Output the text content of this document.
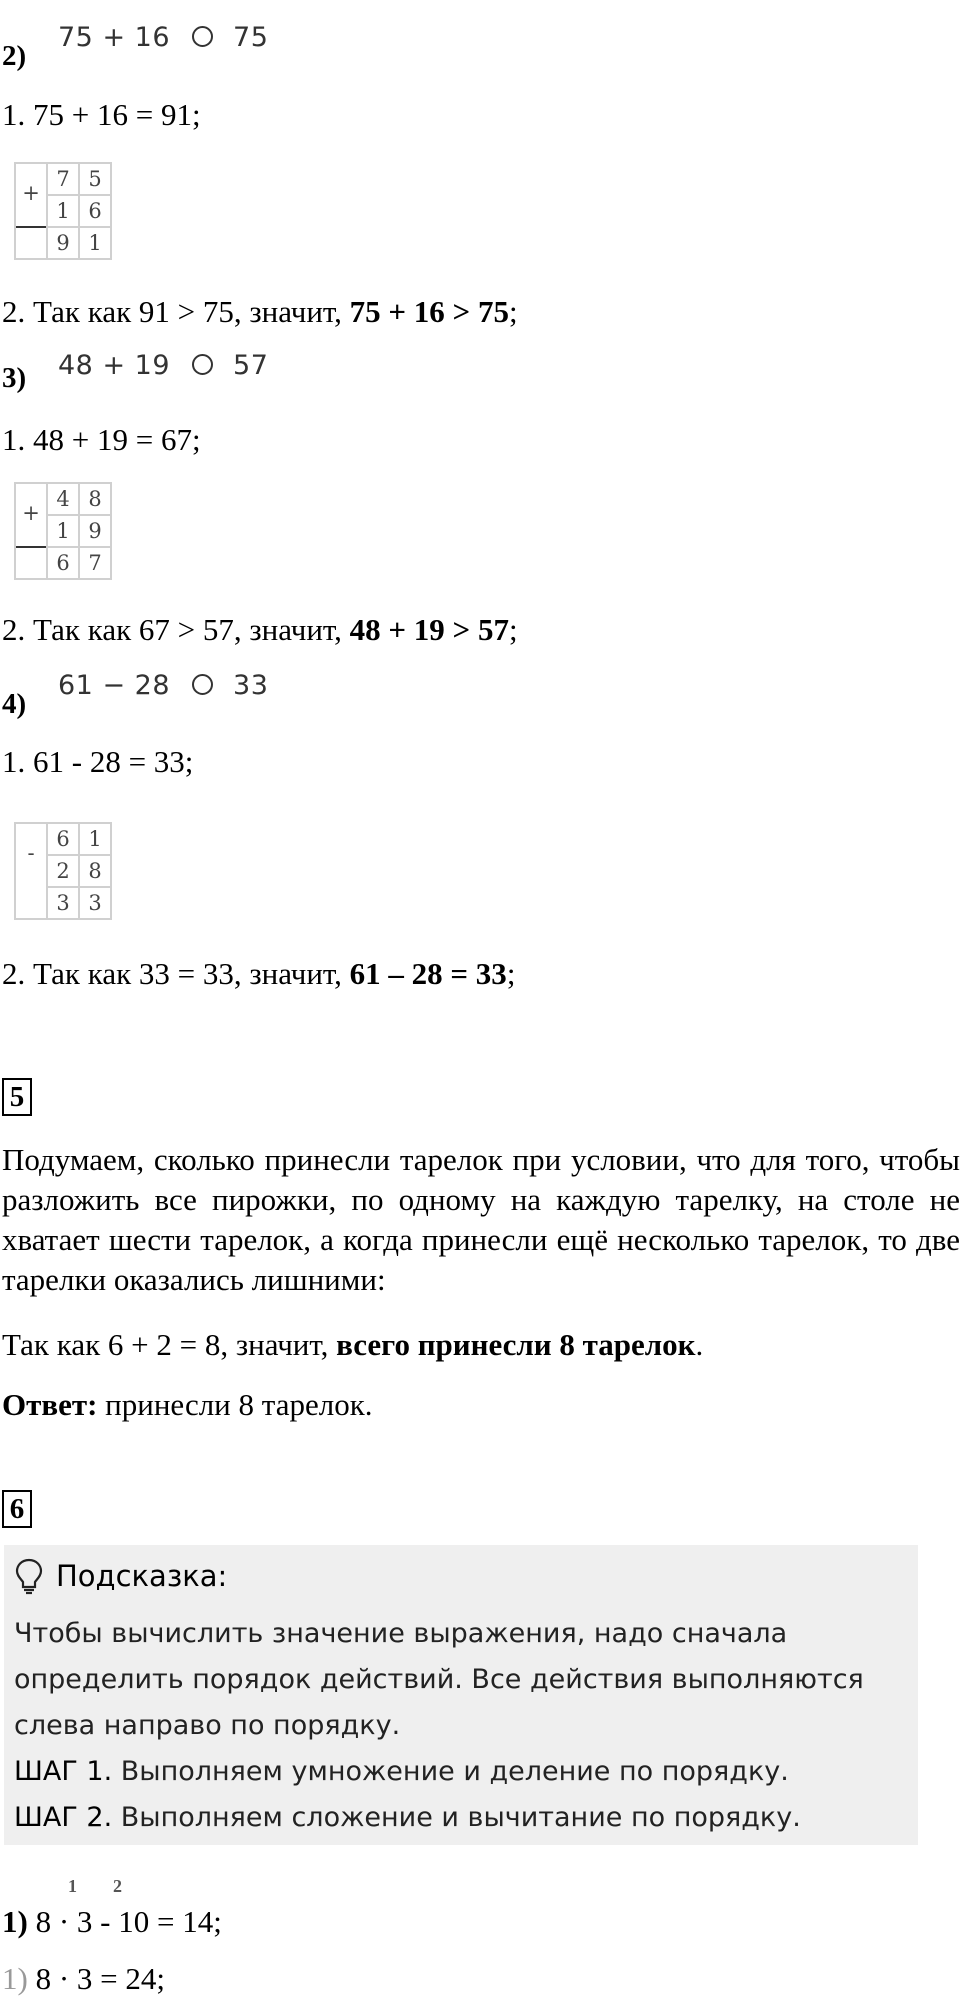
2)
75 + 16 75
1. 75 + 16 = 91;
	7	5
+	1	6
	9	1
2. Так как 91 > 75, значит, 75 + 16 > 75;
3) 48 + 19 57
1. 48 + 19 = 67;
	4	8
+	1	9
	6	7
2. Так как 67 > 57, значит, 48 + 19 > 57;
4)
61 − 28 33
1. 61 - 28 = 33;
	6	1
-	2	8
	3	3
2. Так как 33 = 33, значит, 61 – 28 = 33;
5
Подумаем, сколько принесли тарелок при условии, что для того, чтобы разложить все пирожки, по одному на каждую тарелку, на столе не хватает шести тарелок, а когда принесли ещё несколько тарелок, то две тарелки оказались лишними:
Так как 6 + 2 = 8, значит, всего принесли 8 тарелок.
Ответ: принесли 8 тарелок.
6
Подсказка:
Чтобы вычислить значение выражения, надо сначала
определить порядок действий. Все действия выполняются
слева направо по порядку.
ШАГ 1. Выполняем умножение и деление по порядку.
ШАГ 2. Выполняем сложение и вычитание по порядку.
1 2
1) 8 · 3 - 10 = 14;
1) 8 · 3 = 24;
